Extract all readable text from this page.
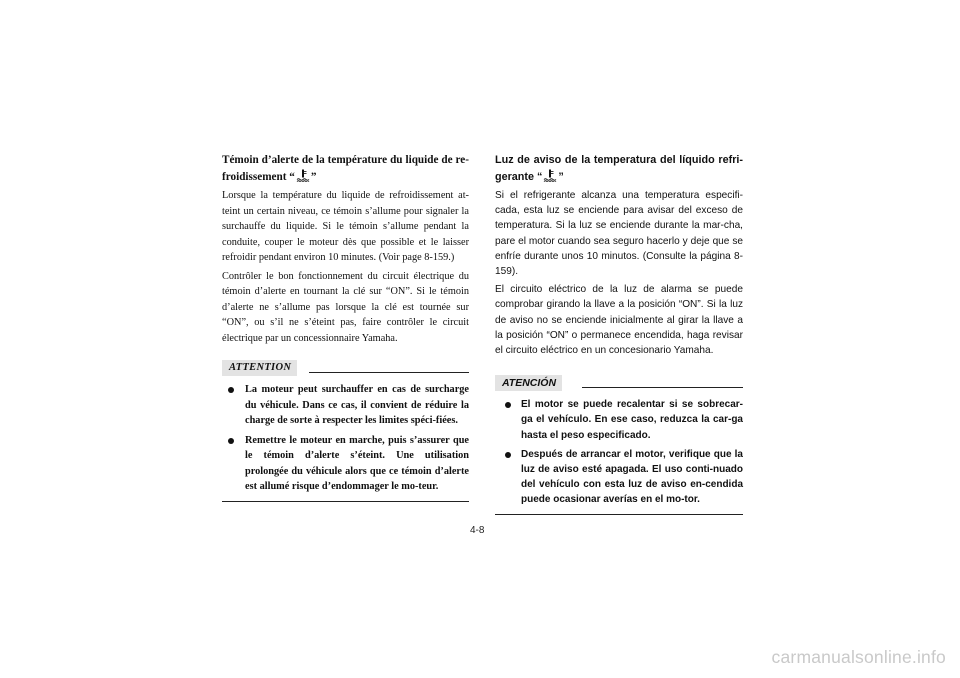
Témoin d’alerte de la température du liquide de re-froidissement “ ”

Lorsque la température du liquide de refroidissement at-teint un certain niveau, ce témoin s’allume pour signaler la surchauffe du liquide. Si le témoin s’allume pendant la conduite, couper le moteur dès que possible et le laisser refroidir pendant environ 10 minutes. (Voir page 8-159.)

Contrôler le bon fonctionnement du circuit électrique du témoin d’alerte en tournant la clé sur “ON”. Si le témoin d’alerte ne s’allume pas lorsque la clé est tournée sur “ON”, ou s’il ne s’éteint pas, faire contrôler le circuit électrique par un concessionnaire Yamaha.

ATTENTION
La moteur peut surchauffer en cas de surcharge du véhicule. Dans ce cas, il convient de réduire la charge de sorte à respecter les limites spéci-fiées.
Remettre le moteur en marche, puis s’assurer que le témoin d’alerte s’éteint. Une utilisation prolongée du véhicule alors que ce témoin d’alerte est allumé risque d’endommager le mo-teur.

Luz de aviso de la temperatura del líquido refri-gerante “ ”

Si el refrigerante alcanza una temperatura especifi-cada, esta luz se enciende para avisar del exceso de temperatura. Si la luz se enciende durante la mar-cha, pare el motor cuando sea seguro hacerlo y deje que se enfríe durante unos 10 minutos. (Consulte la página 8-159).

El circuito eléctrico de la luz de alarma se puede comprobar girando la llave a la posición “ON”. Si la luz de aviso no se enciende inicialmente al girar la llave a la posición “ON” o permanece encendida, haga revisar el circuito eléctrico en un concesionario Yamaha.

ATENCIÓN
El motor se puede recalentar si se sobrecar-ga el vehículo. En ese caso, reduzca la car-ga hasta el peso especificado.
Después de arrancar el motor, verifique que la luz de aviso esté apagada. El uso conti-nuado del vehículo con esta luz de aviso en-cendida puede ocasionar averías en el mo-tor.
4-8
carmanualsonline.info
